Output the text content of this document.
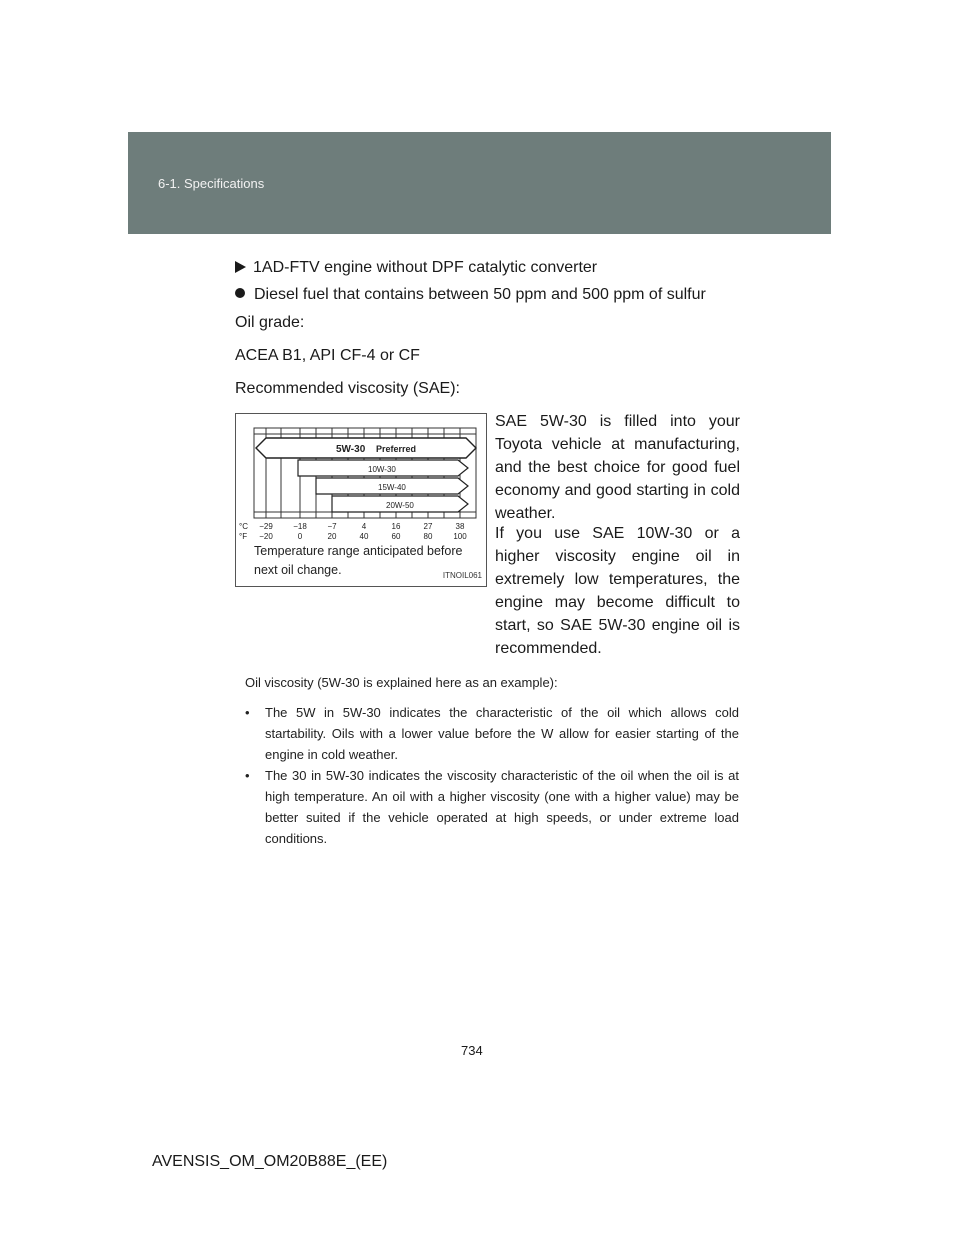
6-1. Specifications
1AD-FTV engine without DPF catalytic converter
Diesel fuel that contains between 50 ppm and 500 ppm of sulfur
Oil grade:
ACEA B1, API CF-4 or CF
Recommended viscosity (SAE):
5W-30 Preferred
10W-30
15W-40
20W-50
°C
°F
−29	−18	−7	4	16	27	38
−20	0	20	40	60	80	100
Temperature range anticipated before next oil change.	ITNOIL061
SAE 5W-30 is filled into your Toyota vehicle at manufacturing, and the best choice for good fuel economy and good starting in cold weather.
If you use SAE 10W-30 or a higher viscosity engine oil in extremely low temperatures, the engine may become difficult to start, so SAE 5W-30 engine oil is recommended.
Oil viscosity (5W-30 is explained here as an example):
• The 5W in 5W-30 indicates the characteristic of the oil which allows cold startability. Oils with a lower value before the W allow for easier starting of the engine in cold weather.
• The 30 in 5W-30 indicates the viscosity characteristic of the oil when the oil is at high temperature. An oil with a higher viscosity (one with a higher value) may be better suited if the vehicle operated at high speeds, or under extreme load conditions.
734
AVENSIS_OM_OM20B88E_(EE)
